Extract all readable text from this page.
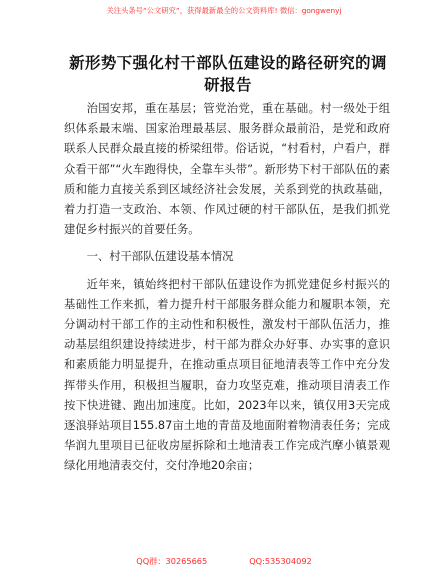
关注头条号“公文研究”，获得最新最全的公文资料库! 微信：gongwenyj
新形势下强化村干部队伍建设的路径研究的调研报告

治国安邦，重在基层；管党治党，重在基础。村一级处于组织体系最末端、国家治理最基层、服务群众最前沿，是党和政府联系人民群众最直接的桥梁纽带。俗话说，“村看村，户看户，群众看干部”“火车跑得快，全靠车头带”。新形势下村干部队伍的素质和能力直接关系到区域经济社会发展，关系到党的执政基础，着力打造一支政治、本领、作风过硬的村干部队伍，是我们抓党建促乡村振兴的首要任务。

一、村干部队伍建设基本情况

近年来，镇始终把村干部队伍建设作为抓党建促乡村振兴的基础性工作来抓，着力提升村干部服务群众能力和履职本领，充分调动村干部工作的主动性和积极性，激发村干部队伍活力，推动基层组织建设持续进步，村干部为群众办好事、办实事的意识和素质能力明显提升，在推动重点项目征地清表等工作中充分发挥带头作用，积极担当履职，奋力攻坚克难，推动项目清表工作按下快进键、跑出加速度。比如，2023年以来，镇仅用3天完成逐浪驿站项目155.87亩土地的青苗及地面附着物清表任务；完成华润九里项目已征收房屋拆除和土地清表工作完成汽摩小镇景观绿化用地清表交付，交付净地20余亩；

QQ群：30265665	QQ:535304092
